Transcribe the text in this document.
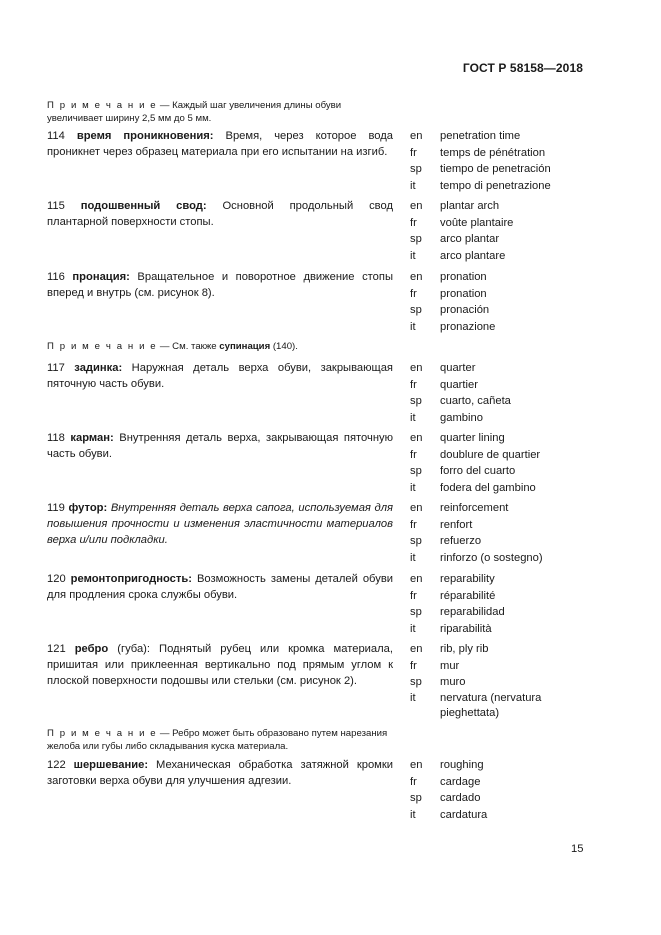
ГОСТ Р 58158—2018
П р и м е ч а н и е — Каждый шаг увеличения длины обуви увеличивает ширину 2,5 мм до 5 мм.
114 время проникновения: Время, через которое вода проникнет через образец материала при его испытании на изгиб.
en	penetration time
fr	temps de pénétration
sp	tiempo de penetración
it	tempo di penetrazione
115 подошвенный свод: Основной продольный свод плантарной поверхности стопы.
en	plantar arch
fr	voûte plantaire
sp	arco plantar
it	arco plantare
116 пронация: Вращательное и поворотное движение стопы вперед и внутрь (см. рисунок 8).
en	pronation
fr	pronation
sp	pronación
it	pronazione
П р и м е ч а н и е — См. также супинация (140).
117 задинка: Наружная деталь верха обуви, закрывающая пяточную часть обуви.
en	quarter
fr	quartier
sp	cuarto, cañeta
it	gambino
118 карман: Внутренняя деталь верха, закрывающая пяточную часть обуви.
en	quarter lining
fr	doublure de quartier
sp	forro del cuarto
it	fodera del gambino
119 футор: Внутренняя деталь верха сапога, используемая для повышения прочности и изменения эластичности материалов верха и/или подкладки.
en	reinforcement
fr	renfort
sp	refuerzo
it	rinforzo (o sostegno)
120 ремонтопригодность: Возможность замены деталей обуви для продления срока службы обуви.
en	reparability
fr	réparabilité
sp	reparabilidad
it	riparabilità
121 ребро (губа): Поднятый рубец или кромка материала, пришитая или приклеенная вертикально под прямым углом к плоской поверхности подошвы или стельки (см. рисунок 2).
en	rib, ply rib
fr	mur
sp	muro
it	nervatura (nervatura pieghettata)
П р и м е ч а н и е — Ребро может быть образовано путем нарезания желоба или губы либо складывания куска материала.
122 шершевание: Механическая обработка затяжной кромки заготовки верха обуви для улучшения адгезии.
en	roughing
fr	cardage
sp	cardado
it	cardatura
15
